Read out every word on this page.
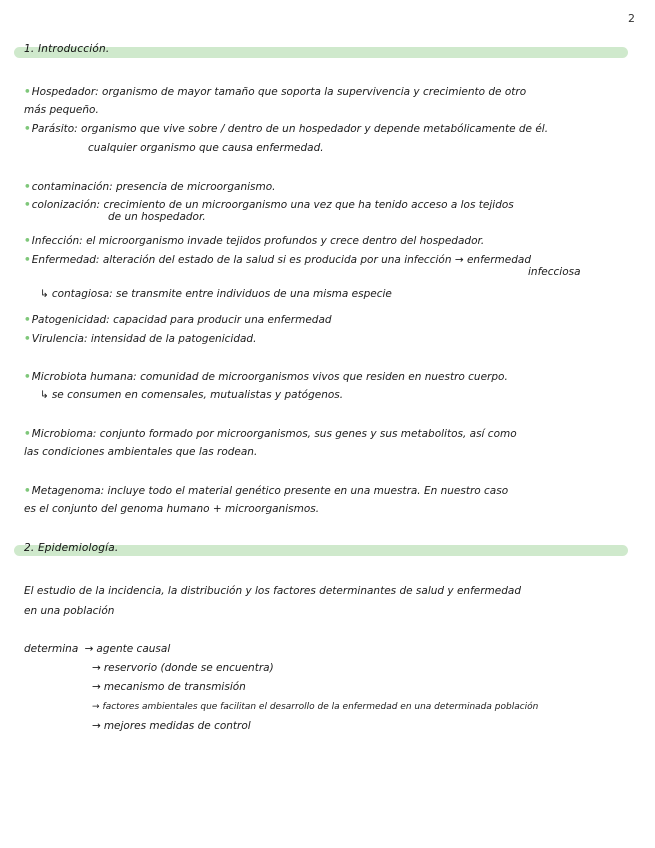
2
1. Introducción.
•Hospedador: organismo de mayor tamaño que soporta la supervivencia y crecimiento de otro
más pequeño.
•Parásito: organismo que vive sobre / dentro de un hospedador y depende metabólicamente de él.
cualquier organismo que causa enfermedad.
•contaminación: presencia de microorganismo.
•colonización: crecimiento de un microorganismo una vez que ha tenido acceso a los tejidos
de un hospedador.
•Infección: el microorganismo invade tejidos profundos y crece dentro del hospedador.
•Enfermedad: alteración del estado de la salud si es producida por una infección → enfermedad
infecciosa
↳ contagiosa: se transmite entre individuos de una misma especie
•Patogenicidad: capacidad para producir una enfermedad
•Virulencia: intensidad de la patogenicidad.
•Microbiota humana: comunidad de microorganismos vivos que residen en nuestro cuerpo.
↳ se consumen en comensales, mutualistas y patógenos.
•Microbioma: conjunto formado por microorganismos, sus genes y sus metabolitos, así como
las condiciones ambientales que las rodean.
•Metagenoma: incluye todo el material genético presente en una muestra. En nuestro caso
es el conjunto del genoma humano + microorganismos.
2. Epidemiología.
El estudio de la incidencia, la distribución y los factores determinantes de salud y enfermedad
en una población
determina → agente causal
→ reservorio (donde se encuentra)
→ mecanismo de transmisión
→ factores ambientales que facilitan el desarrollo de la enfermedad en una determinada población
→ mejores medidas de control
